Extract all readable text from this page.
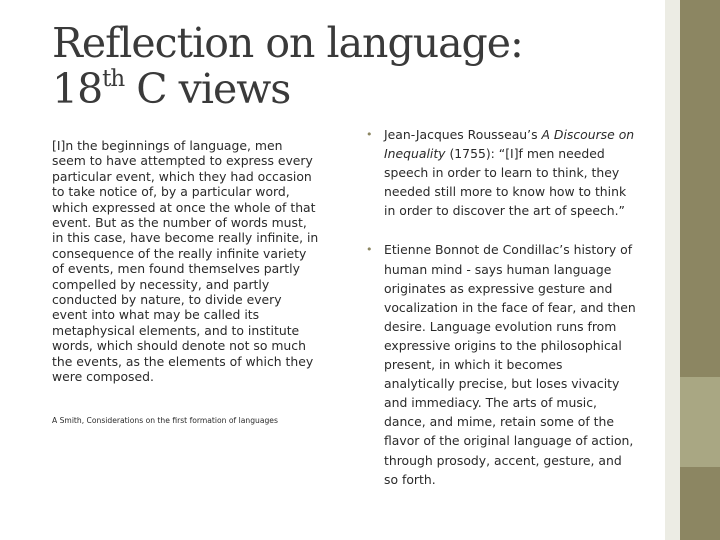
Reflection on language:
18th C views

[I]n the beginnings of language, men seem to have attempted to express every particular event, which they had occasion to take notice of, by a particular word, which expressed at once the whole of that event. But as the number of words must, in this case, have become really infinite, in consequence of the really infinite variety of events, men found themselves partly compelled by necessity, and partly conducted by nature, to divide every event into what may be called its metaphysical elements, and to institute words, which should denote not so much the events, as the elements of which they were composed.

A Smith, Considerations on the first formation of languages

• Jean-Jacques Rousseau’s A Discourse on Inequality (1755): “[I]f men needed speech in order to learn to think, they needed still more to know how to think in order to discover the art of speech.”
• Etienne Bonnot de Condillac’s history of human mind - says human language originates as expressive gesture and vocalization in the face of fear, and then desire. Language evolution runs from expressive origins to the philosophical present, in which it becomes analytically precise, but loses vivacity and immediacy. The arts of music, dance, and mime, retain some of the flavor of the original language of action, through prosody, accent, gesture, and so forth.
